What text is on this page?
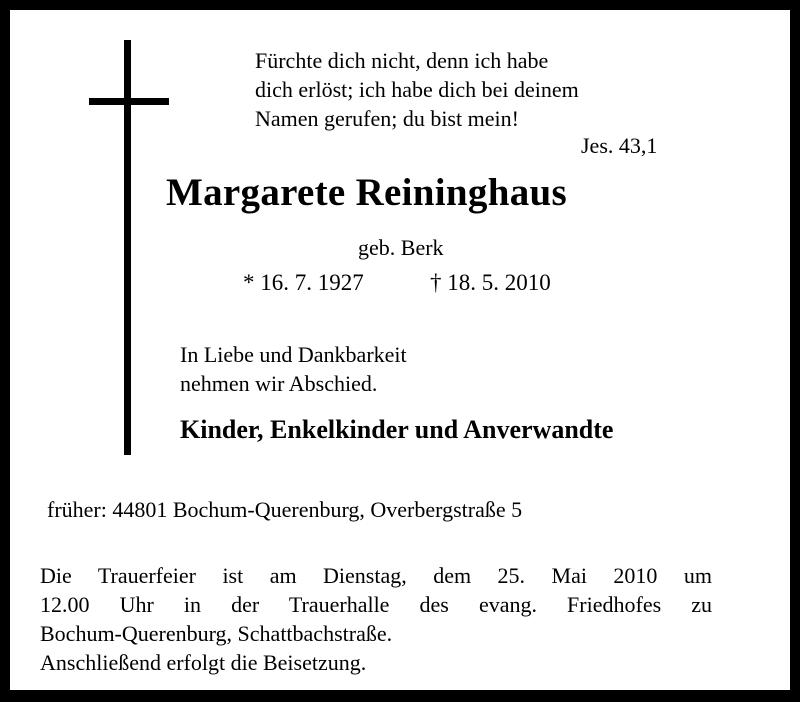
Fürchte dich nicht, denn ich habe
dich erlöst; ich habe dich bei deinem
Namen gerufen; du bist mein!
Jes. 43,1
Margarete Reininghaus
geb. Berk
* 16. 7. 1927	† 18. 5. 2010
In Liebe und Dankbarkeit
nehmen wir Abschied.
Kinder, Enkelkinder und Anverwandte
früher: 44801 Bochum-Querenburg, Overbergstraße 5
Die Trauerfeier ist am Dienstag, dem 25. Mai 2010 um
12.00 Uhr in der Trauerhalle des evang. Friedhofes zu
Bochum-Querenburg, Schattbachstraße.
Anschließend erfolgt die Beisetzung.
